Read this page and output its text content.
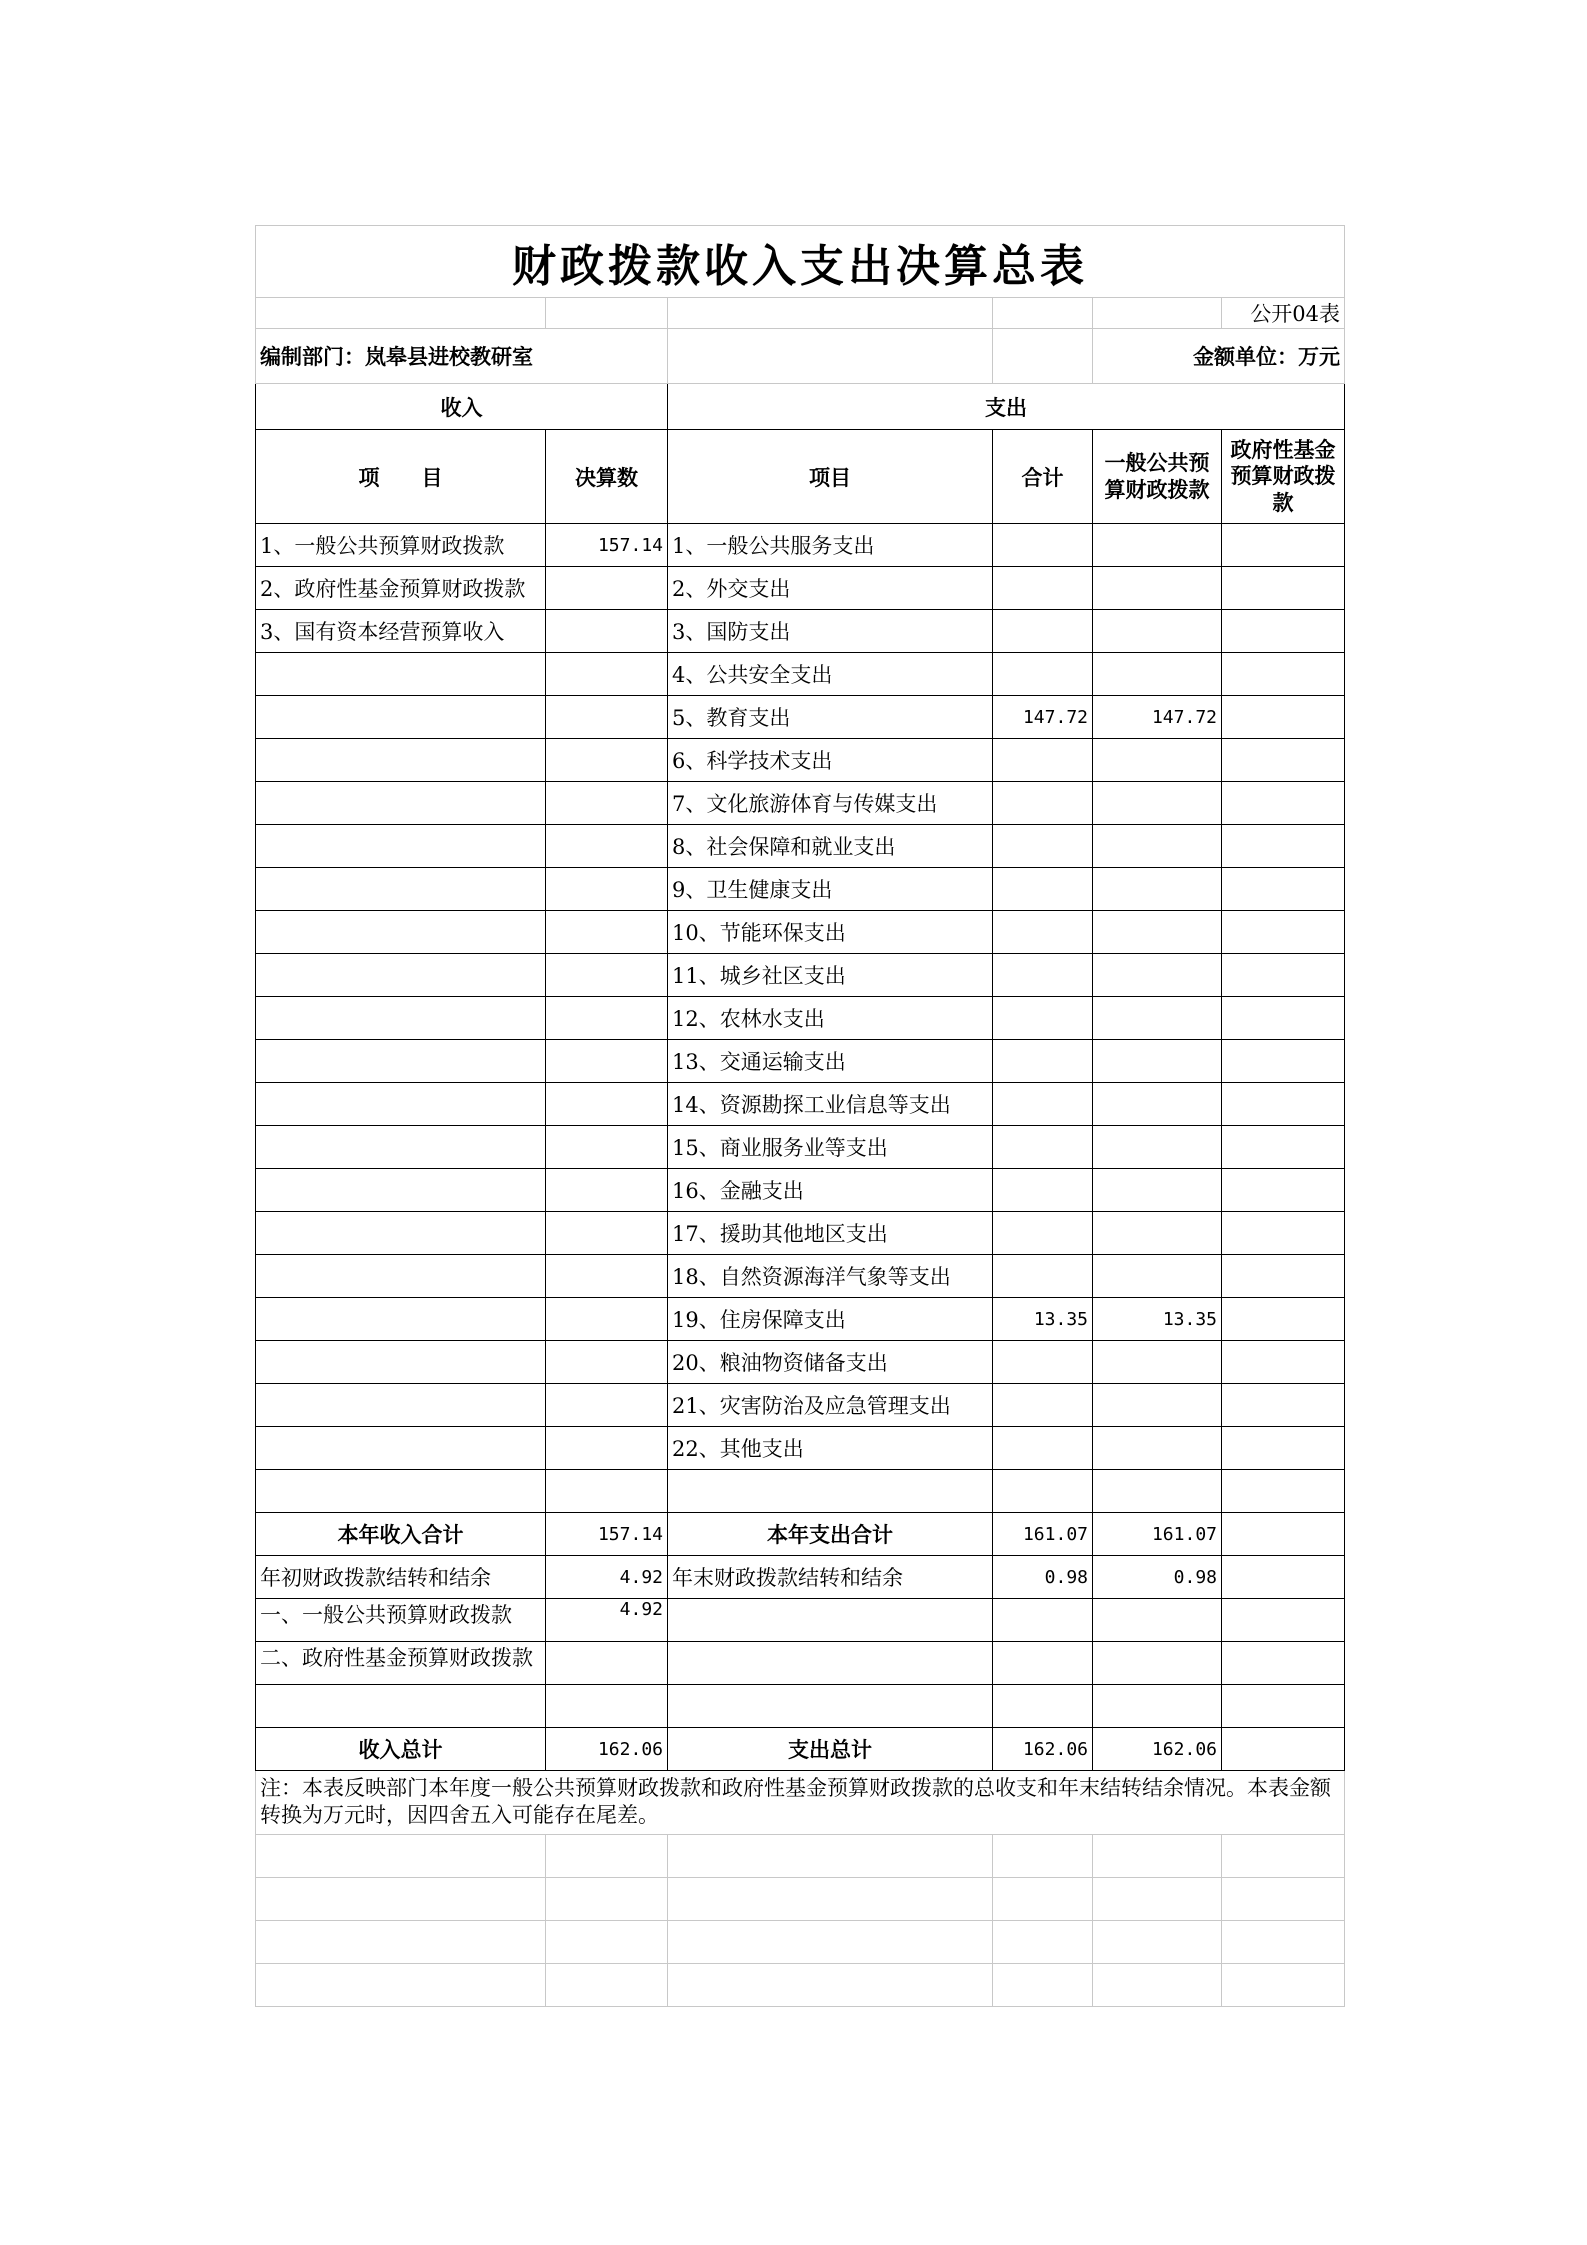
财政拨款收入支出决算总表					
					公开04表
编制部门：岚皋县进校教研室				金额单位：万元	
收入		支出			
项　　目	决算数	项目	合计	一般公共预算财政拨款	政府性基金预算财政拨款
1、一般公共预算财政拨款	157.14	1、一般公共服务支出			
2、政府性基金预算财政拨款		2、外交支出			
3、国有资本经营预算收入		3、国防支出			
		4、公共安全支出			
		5、教育支出	147.72	147.72	
		6、科学技术支出			
		7、文化旅游体育与传媒支出			
		8、社会保障和就业支出			
		9、卫生健康支出			
		10、节能环保支出			
		11、城乡社区支出			
		12、农林水支出			
		13、交通运输支出			
		14、资源勘探工业信息等支出			
		15、商业服务业等支出			
		16、金融支出			
		17、援助其他地区支出			
		18、自然资源海洋气象等支出			
		19、住房保障支出	13.35	13.35	
		20、粮油物资储备支出			
		21、灾害防治及应急管理支出			
		22、其他支出			

本年收入合计	157.14	本年支出合计	161.07	161.07	
年初财政拨款结转和结余	4.92	年末财政拨款结转和结余	0.98	0.98	
一、一般公共预算财政拨款	4.92				
二、政府性基金预算财政拨款					

收入总计	162.06	支出总计	162.06	162.06	
注：本表反映部门本年度一般公共预算财政拨款和政府性基金预算财政拨款的总收支和年末结转结余情况。本表金额转换为万元时，因四舍五入可能存在尾差。					
